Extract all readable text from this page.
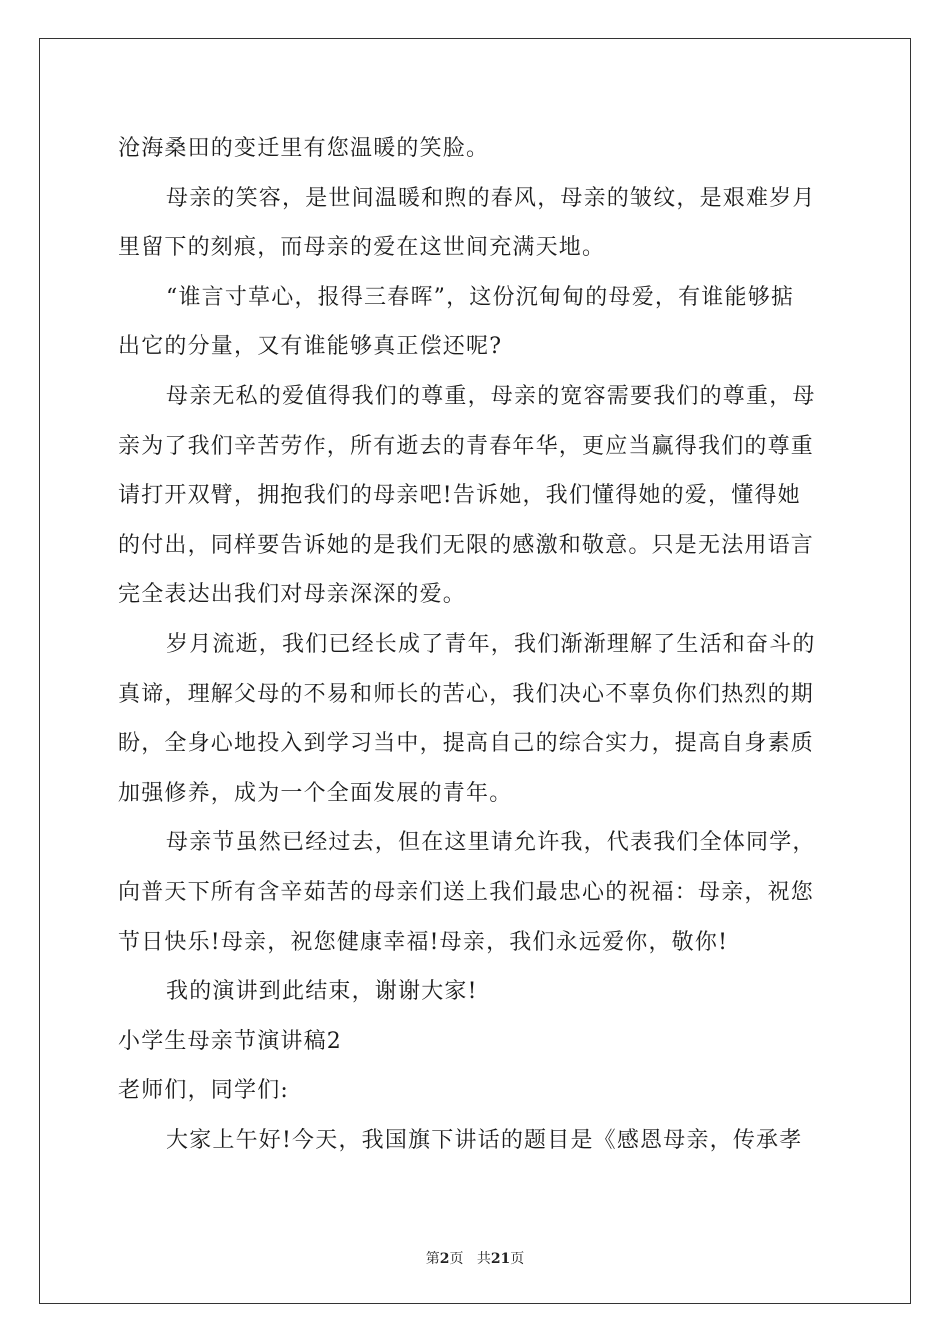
沧海桑田的变迁里有您温暖的笑脸。
母亲的笑容，是世间温暖和煦的春风，母亲的皱纹，是艰难岁月
里留下的刻痕，而母亲的爱在这世间充满天地。
“谁言寸草心，报得三春晖”，这份沉甸甸的母爱，有谁能够掂
出它的分量，又有谁能够真正偿还呢?
母亲无私的爱值得我们的尊重，母亲的宽容需要我们的尊重，母
亲为了我们辛苦劳作，所有逝去的青春年华，更应当赢得我们的尊重
请打开双臂，拥抱我们的母亲吧!告诉她，我们懂得她的爱，懂得她
的付出，同样要告诉她的是我们无限的感激和敬意。只是无法用语言
完全表达出我们对母亲深深的爱。
岁月流逝，我们已经长成了青年，我们渐渐理解了生活和奋斗的
真谛，理解父母的不易和师长的苦心，我们决心不辜负你们热烈的期
盼，全身心地投入到学习当中，提高自己的综合实力，提高自身素质
加强修养，成为一个全面发展的青年。
母亲节虽然已经过去，但在这里请允许我，代表我们全体同学，
向普天下所有含辛茹苦的母亲们送上我们最忠心的祝福：母亲，祝您
节日快乐!母亲，祝您健康幸福!母亲，我们永远爱你，敬你!
我的演讲到此结束，谢谢大家!
小学生母亲节演讲稿2
老师们，同学们:
大家上午好!今天，我国旗下讲话的题目是《感恩母亲，传承孝
第2页 共21页
